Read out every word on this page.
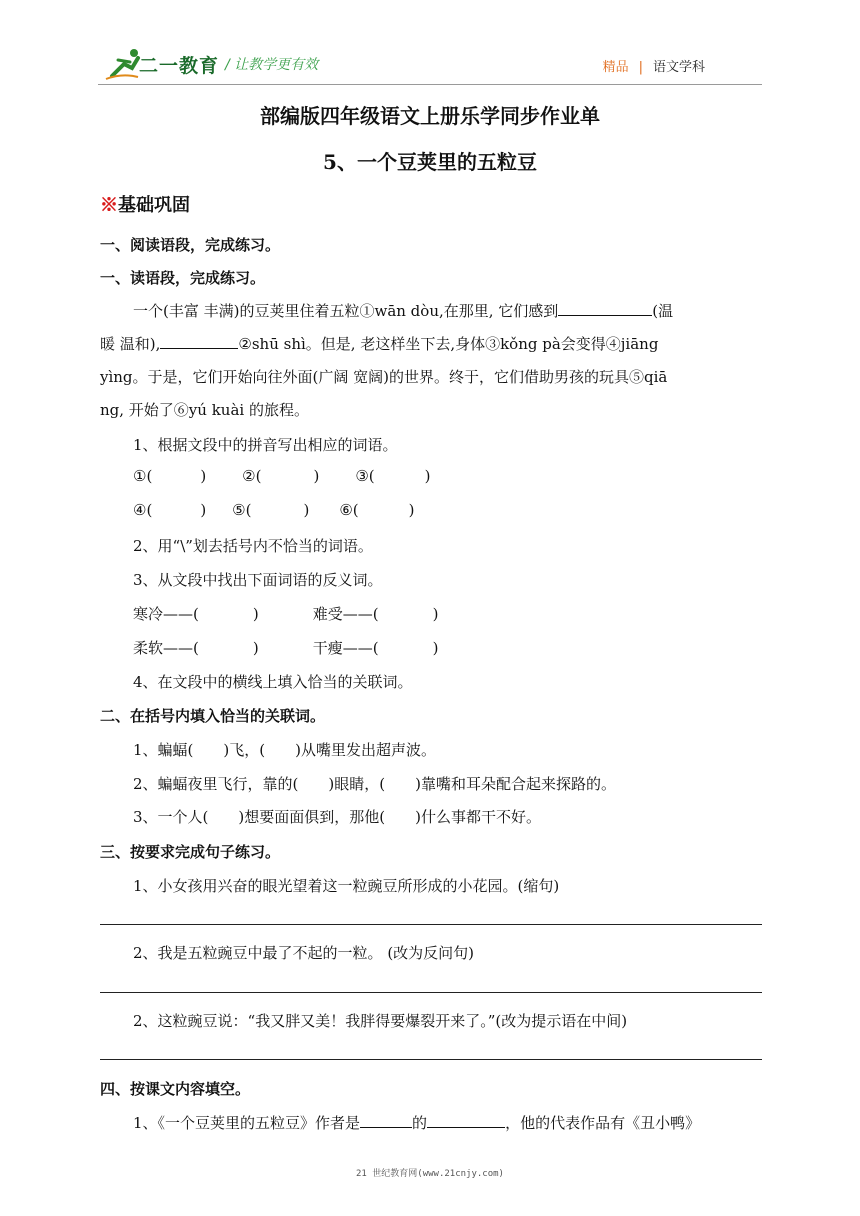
二一教育 / 让教学更有效	精品 | 语文学科
部编版四年级语文上册乐学同步作业单
5、一个豆荚里的五粒豆
※基础巩固
一、阅读语段，完成练习。
一、读语段，完成练习。
一个(丰富 丰满)的豆荚里住着五粒①wān dòu,在那里, 它们感到	(温
暖 温和),	②shū shì。但是, 老这样坐下去,身体③kǒng pà会变得④jiāng
yìng。于是，它们开始向往外面(广阔 宽阔)的世界。终于，它们借助男孩的玩具⑤qiā
ng, 开始了⑥yú kuài 的旅程。
1、根据文段中的拼音写出相应的词语。
①(	) ②(	) ③(	)
④(	) ⑤(	) ⑥(	)
2、用“\”划去括号内不恰当的词语。
3、从文段中找出下面词语的反义词。
寒冷——(	)	难受——(	)
柔软——(	)	干瘦——(	)
4、在文段中的横线上填入恰当的关联词。
二、在括号内填入恰当的关联词。
1、蝙蝠(　　)飞，(　　)从嘴里发出超声波。
2、蝙蝠夜里飞行，靠的(　　)眼睛，(　　)靠嘴和耳朵配合起来探路的。
3、一个人(　　)想要面面俱到，那他(　　)什么事都干不好。
三、按要求完成句子练习。
1、小女孩用兴奋的眼光望着这一粒豌豆所形成的小花园。(缩句)
2、我是五粒豌豆中最了不起的一粒。 (改为反问句)
2、这粒豌豆说：“我又胖又美！我胖得要爆裂开来了。”(改为提示语在中间)
四、按课文内容填空。
1、《一个豆荚里的五粒豆》作者是	的	，他的代表作品有《丑小鸭》
21 世纪教育网(www.21cnjy.com)
